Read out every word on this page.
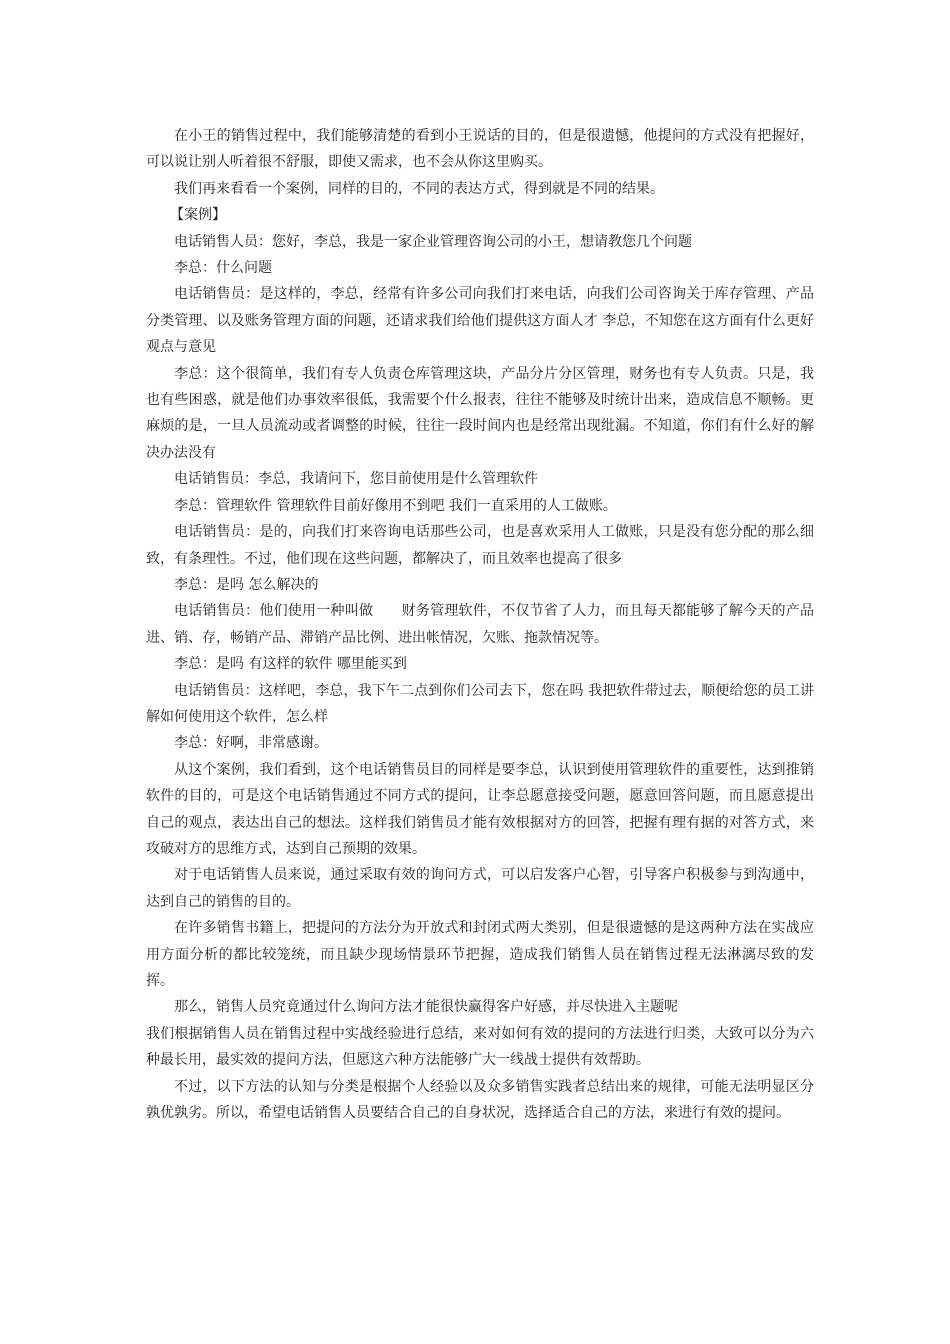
在小王的销售过程中，我们能够清楚的看到小王说话的目的，但是很遗憾，他提问的方式没有把握好，可以说让别人听着很不舒服，即使又需求，也不会从你这里购买。

我们再来看看一个案例，同样的目的，不同的表达方式，得到就是不同的结果。

【案例】

电话销售人员：您好，李总，我是一家企业管理咨询公司的小王，想请教您几个问题

李总：什么问题

电话销售员：是这样的，李总，经常有许多公司向我们打来电话，向我们公司咨询关于库存管理、产品分类管理、以及账务管理方面的问题，还请求我们给他们提供这方面人才 李总，不知您在这方面有什么更好观点与意见

李总：这个很简单，我们有专人负责仓库管理这块，产品分片分区管理，财务也有专人负责。只是，我也有些困惑，就是他们办事效率很低，我需要个什么报表，往往不能够及时统计出来，造成信息不顺畅。更麻烦的是，一旦人员流动或者调整的时候，往往一段时间内也是经常出现纰漏。不知道，你们有什么好的解决办法没有

电话销售员：李总，我请问下，您目前使用是什么管理软件

李总：管理软件 管理软件目前好像用不到吧 我们一直采用的人工做账。

电话销售员：是的，向我们打来咨询电话那些公司，也是喜欢采用人工做账，只是没有您分配的那么细致，有条理性。不过，他们现在这些问题，都解决了，而且效率也提高了很多

李总：是吗 怎么解决的

电话销售员：他们使用一种叫做　　财务管理软件，不仅节省了人力，而且每天都能够了解今天的产品进、销、存，畅销产品、滞销产品比例、进出帐情况，欠账、拖款情况等。

李总：是吗 有这样的软件 哪里能买到

电话销售员：这样吧，李总，我下午二点到你们公司去下，您在吗 我把软件带过去，顺便给您的员工讲解如何使用这个软件，怎么样

李总：好啊，非常感谢。

从这个案例，我们看到，这个电话销售员目的同样是要李总，认识到使用管理软件的重要性，达到推销软件的目的，可是这个电话销售通过不同方式的提问，让李总愿意接受问题，愿意回答问题，而且愿意提出自己的观点，表达出自己的想法。这样我们销售员才能有效根据对方的回答，把握有理有据的对答方式，来攻破对方的思维方式，达到自己预期的效果。

对于电话销售人员来说，通过采取有效的询问方式，可以启发客户心智，引导客户积极参与到沟通中，达到自己的销售的目的。

在许多销售书籍上，把提问的方法分为开放式和封闭式两大类别，但是很遗憾的是这两种方法在实战应用方面分析的都比较笼统，而且缺少现场情景环节把握，造成我们销售人员在销售过程无法淋漓尽致的发挥。

那么，销售人员究竟通过什么询问方法才能很快赢得客户好感，并尽快进入主题呢

我们根据销售人员在销售过程中实战经验进行总结，来对如何有效的提问的方法进行归类，大致可以分为六种最长用，最实效的提问方法，但愿这六种方法能够广大一线战士提供有效帮助。

不过，以下方法的认知与分类是根据个人经验以及众多销售实践者总结出来的规律，可能无法明显区分孰优孰劣。所以，希望电话销售人员要结合自己的自身状况，选择适合自己的方法，来进行有效的提问。
